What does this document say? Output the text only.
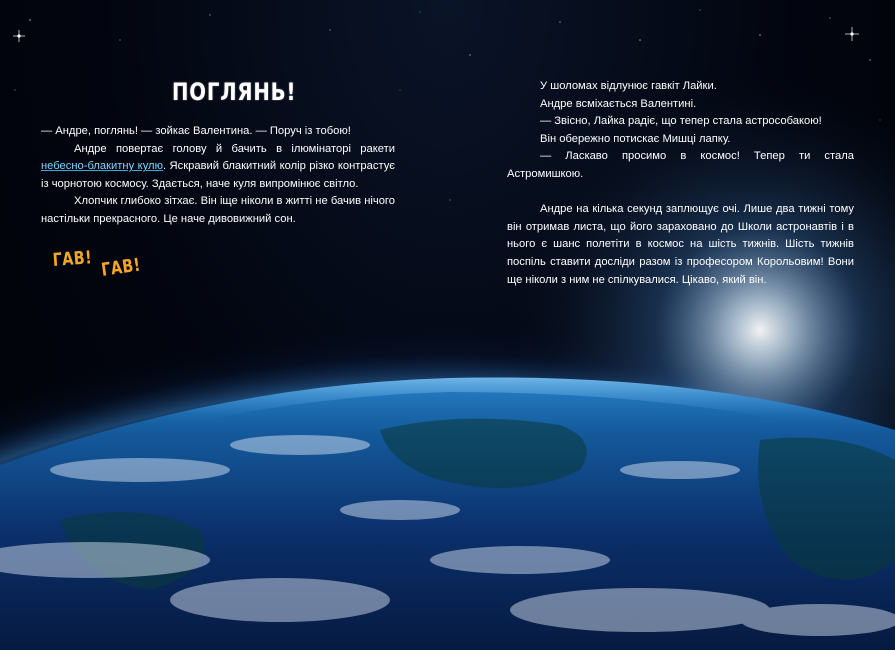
ПОГЛЯНЬ!

— Андре, поглянь! — зойкає Валентина. — Поруч із тобою!

Андре повертає голову й бачить в ілюмінаторі ракети небесно-блакитну кулю. Яскравий блакитний колір різко контрастує із чорнотою космосу. Здається, наче куля випромінює світло.

Хлопчик глибоко зітхає. Він іще ніколи в житті не бачив нічого настільки прекрасного. Це наче дивовижний сон.

ГАВ! ГАВ!

У шоломах відлунює гавкіт Лайки.

Андре всміхається Валентині.

— Звісно, Лайка радіє, що тепер стала астрособакою!

Він обережно потискає Мишці лапку.

— Ласкаво просимо в космос! Тепер ти стала Астромишкою.

Андре на кілька секунд заплющує очі. Лише два тижні тому він отримав листа, що його зараховано до Школи астронавтів і в нього є шанс полетіти в космос на шість тижнів. Шість тижнів поспіль ставити досліди разом із професором Корольовим! Вони ще ніколи з ним не спілкувалися. Цікаво, який він.
